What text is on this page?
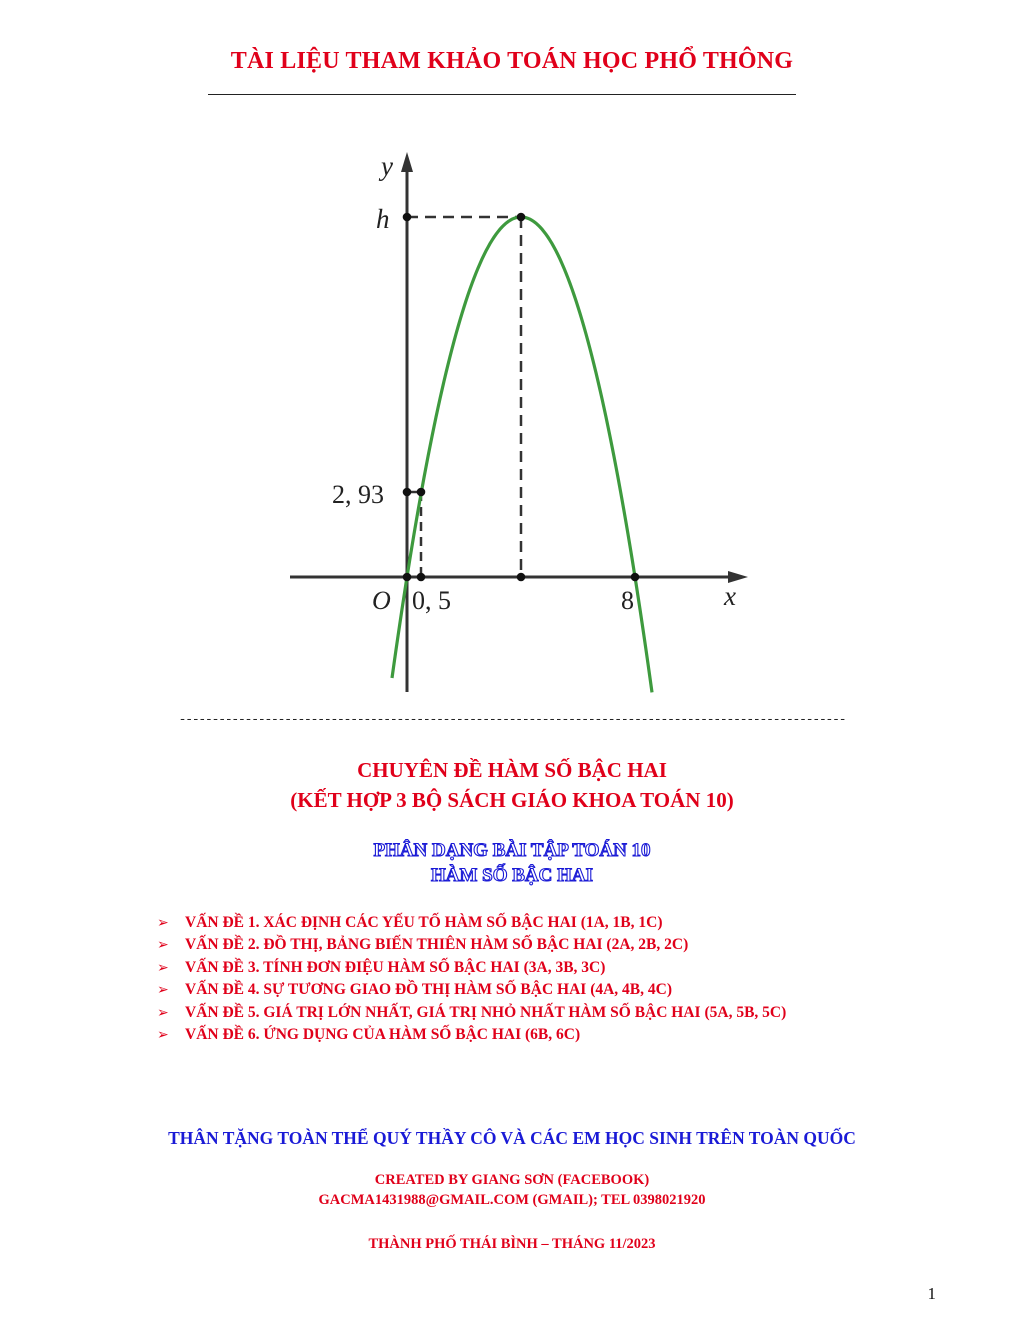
TÀI LIỆU THAM KHẢO TOÁN HỌC PHỔ THÔNG
y
h
2, 93
O 0, 5	8	x
-----------------------------------------------------------------------------------------------------
CHUYÊN ĐỀ HÀM SỐ BẬC HAI
(KẾT HỢP 3 BỘ SÁCH GIÁO KHOA TOÁN 10)
PHÂN DẠNG BÀI TẬP TOÁN 10
HÀM SỐ BẬC HAI
➢ VẤN ĐỀ 1. XÁC ĐỊNH CÁC YẾU TỐ HÀM SỐ BẬC HAI (1A, 1B, 1C)
➢ VẤN ĐỀ 2. ĐỒ THỊ, BẢNG BIẾN THIÊN HÀM SỐ BẬC HAI (2A, 2B, 2C)
➢ VẤN ĐỀ 3. TÍNH ĐƠN ĐIỆU HÀM SỐ BẬC HAI (3A, 3B, 3C)
➢ VẤN ĐỀ 4. SỰ TƯƠNG GIAO ĐỒ THỊ HÀM SỐ BẬC HAI (4A, 4B, 4C)
➢ VẤN ĐỀ 5. GIÁ TRỊ LỚN NHẤT, GIÁ TRỊ NHỎ NHẤT HÀM SỐ BẬC HAI (5A, 5B, 5C)
➢ VẤN ĐỀ 6. ỨNG DỤNG CỦA HÀM SỐ BẬC HAI (6B, 6C)
THÂN TẶNG TOÀN THỂ QUÝ THẦY CÔ VÀ CÁC EM HỌC SINH TRÊN TOÀN QUỐC
CREATED BY GIANG SƠN (FACEBOOK)
GACMA1431988@GMAIL.COM (GMAIL); TEL 0398021920
THÀNH PHỐ THÁI BÌNH – THÁNG 11/2023
1
